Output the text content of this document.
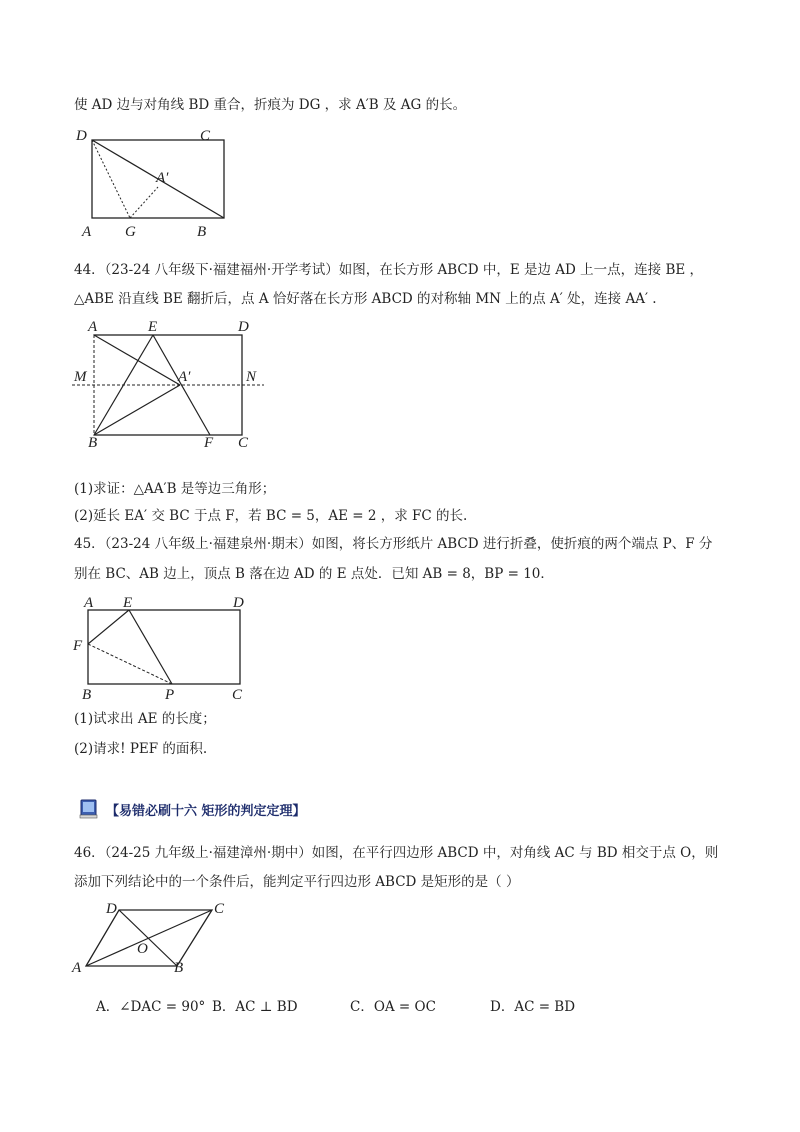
使 AD 边与对角线 BD 重合，折痕为 DG ，求 A′B 及 AG 的长。
D	C
A′
A G	B
44．（23-24 八年级下·福建福州·开学考试）如图，在长方形 ABCD 中，E 是边 AD 上一点，连接 BE ，
△ABE 沿直线 BE 翻折后，点 A 恰好落在长方形 ABCD 的对称轴 MN 上的点 A′ 处，连接 AA′ .
A	E	D
M	A′	N
B	F C
(1)求证：△AA′B 是等边三角形；
(2)延长 EA′ 交 BC 于点 F，若 BC = 5，AE = 2 ，求 FC 的长.
45．（23-24 八年级上·福建泉州·期末）如图，将长方形纸片 ABCD 进行折叠，使折痕的两个端点 P、F 分
别在 BC、AB 边上，顶点 B 落在边 AD 的 E 点处．已知 AB = 8，BP = 10．
A E	D
F
B	P	C
(1)试求出 AE 的长度；
(2)请求! PEF 的面积.
【易错必刷十六 矩形的判定定理】
46．（24-25 九年级上·福建漳州·期中）如图，在平行四边形 ABCD 中，对角线 AC 与 BD 相交于点 O，则
添加下列结论中的一个条件后，能判定平行四边形 ABCD 是矩形的是（ ）
D	C
O
A	B
A．∠DAC = 90° B．AC ⊥ BD	C．OA = OC	D．AC = BD
